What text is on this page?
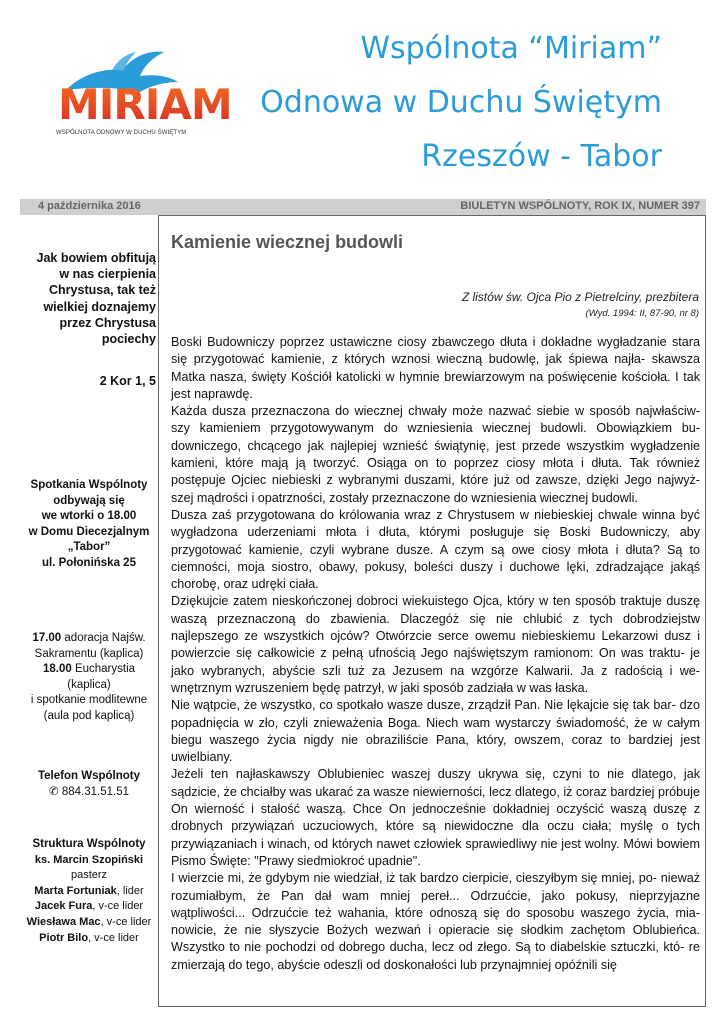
MIRIAM
WSPÓLNOTA ODNOWY W DUCHU ŚWIĘTYM
Wspólnota “Miriam”
Odnowa w Duchu Świętym
Rzeszów - Tabor
4 października 2016	BIULETYN WSPÓLNOTY, ROK IX, NUMER 397
Jak bowiem obfitują w nas cierpienia Chrystusa, tak też wielkiej doznajemy przez Chrystusa pociechy
2 Kor 1, 5
Spotkania Wspólnoty
odbywają się
we wtorki o 18.00
w Domu Diecezjalnym
„Tabor”
ul. Połonińska 25
17.00 adoracja Najśw.
Sakramentu (kaplica)
18.00 Eucharystia (kaplica)
i spotkanie modlitewne
(aula pod kaplicą)
Telefon Wspólnoty
✆ 884.31.51.51
Struktura Wspólnoty
ks. Marcin Szopiński
pasterz
Marta Fortuniak, lider
Jacek Fura, v-ce lider
Wiesława Mac, v-ce lider
Piotr Bilo, v-ce lider
Kamienie wiecznej budowli
Z listów św. Ojca Pio z Pietrelciny, prezbitera
(Wyd. 1994: II, 87-90, nr 8)

Boski Budowniczy poprzez ustawiczne ciosy zbawczego dłuta i dokładne wygładzanie stara się przygotować kamienie, z których wznosi wieczną budowlę, jak śpiewa najła- skawsza Matka nasza, święty Kościół katolicki w hymnie brewiarzowym na poświęcenie kościoła. I tak jest naprawdę.

Każda dusza przeznaczona do wiecznej chwały może nazwać siebie w sposób najwłaściw- szy kamieniem przygotowywanym do wzniesienia wiecznej budowli. Obowiązkiem bu- downiczego, chcącego jak najlepiej wznieść świątynię, jest przede wszystkim wygładzenie kamieni, które mają ją tworzyć. Osiąga on to poprzez ciosy młota i dłuta. Tak również postępuje Ojciec niebieski z wybranymi duszami, które już od zawsze, dzięki Jego najwyż- szej mądrości i opatrzności, zostały przeznaczone do wzniesienia wiecznej budowli.

Dusza zaś przygotowana do królowania wraz z Chrystusem w niebieskiej chwale winna być wygładzona uderzeniami młota i dłuta, którymi posługuje się Boski Budowniczy, aby przygotować kamienie, czyli wybrane dusze. A czym są owe ciosy młota i dłuta? Są to ciemności, moja siostro, obawy, pokusy, boleści duszy i duchowe lęki, zdradzające jakąś chorobę, oraz udręki ciała.

Dziękujcie zatem nieskończonej dobroci wiekuistego Ojca, który w ten sposób traktuje duszę waszą przeznaczoną do zbawienia. Dlaczegóż się nie chlubić z tych dobrodziejstw najlepszego ze wszystkich ojców? Otwórzcie serce owemu niebieskiemu Lekarzowi dusz i powierzcie się całkowicie z pełną ufnością Jego najświętszym ramionom: On was traktu- je jako wybranych, abyście szli tuż za Jezusem na wzgórze Kalwarii. Ja z radością i we- wnętrznym wzruszeniem będę patrzył, w jaki sposób zadziała w was łaska.

Nie wątpcie, że wszystko, co spotkało wasze dusze, zrządził Pan. Nie lękajcie się tak bar- dzo popadnięcia w zło, czyli znieważenia Boga. Niech wam wystarczy świadomość, że w całym biegu waszego życia nigdy nie obraziliście Pana, który, owszem, coraz to bardziej jest uwielbiany.

Jeżeli ten najłaskawszy Oblubieniec waszej duszy ukrywa się, czyni to nie dlatego, jak sądzicie, że chciałby was ukarać za wasze niewierności, lecz dlatego, iż coraz bardziej próbuje On wierność i stałość waszą. Chce On jednocześnie dokładniej oczyścić waszą duszę z drobnych przywiązań uczuciowych, które są niewidoczne dla oczu ciała; myślę o tych przywiązaniach i winach, od których nawet człowiek sprawiedliwy nie jest wolny. Mówi bowiem Pismo Święte: "Prawy siedmiokroć upadnie".

I wierzcie mi, że gdybym nie wiedział, iż tak bardzo cierpicie, cieszyłbym się mniej, po- nieważ rozumiałbym, że Pan dał wam mniej pereł... Odrzućcie, jako pokusy, nieprzyjazne wątpliwości... Odrzućcie też wahania, które odnoszą się do sposobu waszego życia, mia- nowicie, że nie słyszycie Bożych wezwań i opieracie się słodkim zachętom Oblubieńca. Wszystko to nie pochodzi od dobrego ducha, lecz od złego. Są to diabelskie sztuczki, któ- re zmierzają do tego, abyście odeszli od doskonałości lub przynajmniej opóźnili się
